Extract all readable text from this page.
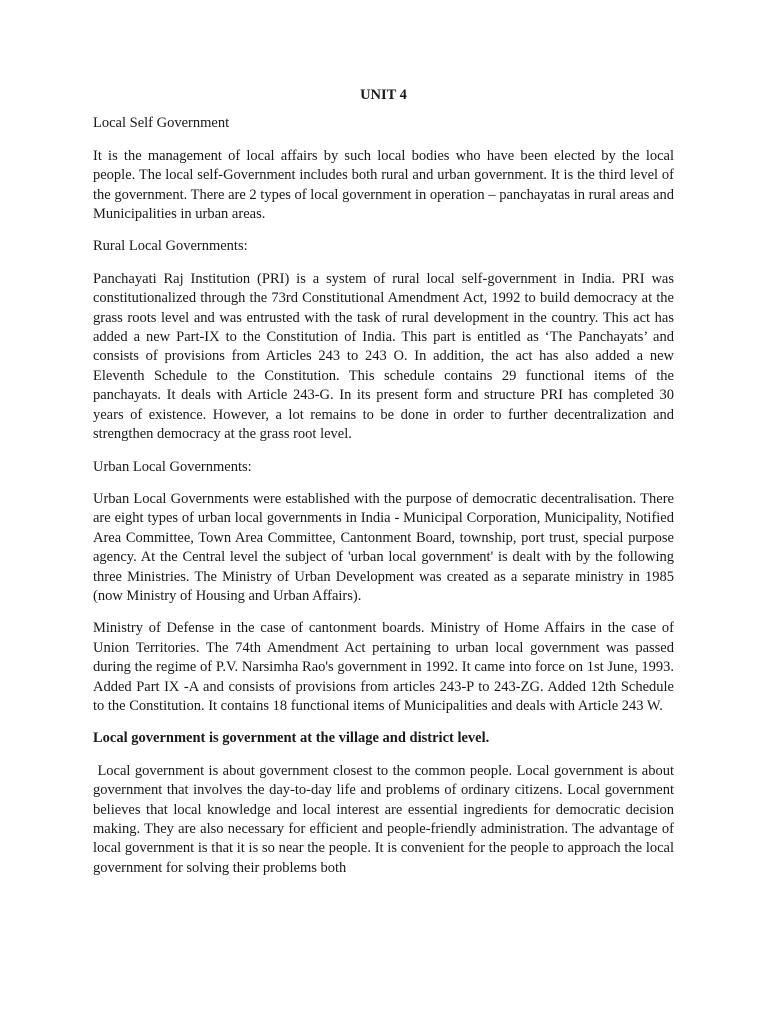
UNIT 4
Local Self Government
It is the management of local affairs by such local bodies who have been elected by the local people. The local self-Government includes both rural and urban government. It is the third level of the government. There are 2 types of local government in operation – panchayatas in rural areas and Municipalities in urban areas.
Rural Local Governments:
Panchayati Raj Institution (PRI) is a system of rural local self-government in India. PRI was constitutionalized through the 73rd Constitutional Amendment Act, 1992 to build democracy at the grass roots level and was entrusted with the task of rural development in the country. This act has added a new Part-IX to the Constitution of India. This part is entitled as ‘The Panchayats’ and consists of provisions from Articles 243 to 243 O. In addition, the act has also added a new Eleventh Schedule to the Constitution. This schedule contains 29 functional items of the panchayats. It deals with Article 243-G. In its present form and structure PRI has completed 30 years of existence. However, a lot remains to be done in order to further decentralization and strengthen democracy at the grass root level.
Urban Local Governments:
Urban Local Governments were established with the purpose of democratic decentralisation. There are eight types of urban local governments in India - Municipal Corporation, Municipality, Notified Area Committee, Town Area Committee, Cantonment Board, township, port trust, special purpose agency. At the Central level the subject of 'urban local government' is dealt with by the following three Ministries. The Ministry of Urban Development was created as a separate ministry in 1985 (now Ministry of Housing and Urban Affairs).
Ministry of Defense in the case of cantonment boards. Ministry of Home Affairs in the case of Union Territories. The 74th Amendment Act pertaining to urban local government was passed during the regime of P.V. Narsimha Rao's government in 1992. It came into force on 1st June, 1993. Added Part IX -A and consists of provisions from articles 243-P to 243-ZG. Added 12th Schedule to the Constitution. It contains 18 functional items of Municipalities and deals with Article 243 W.
Local government is government at the village and district level.
Local government is about government closest to the common people. Local government is about government that involves the day-to-day life and problems of ordinary citizens. Local government believes that local knowledge and local interest are essential ingredients for democratic decision making. They are also necessary for efficient and people-friendly administration. The advantage of local government is that it is so near the people. It is convenient for the people to approach the local government for solving their problems both
